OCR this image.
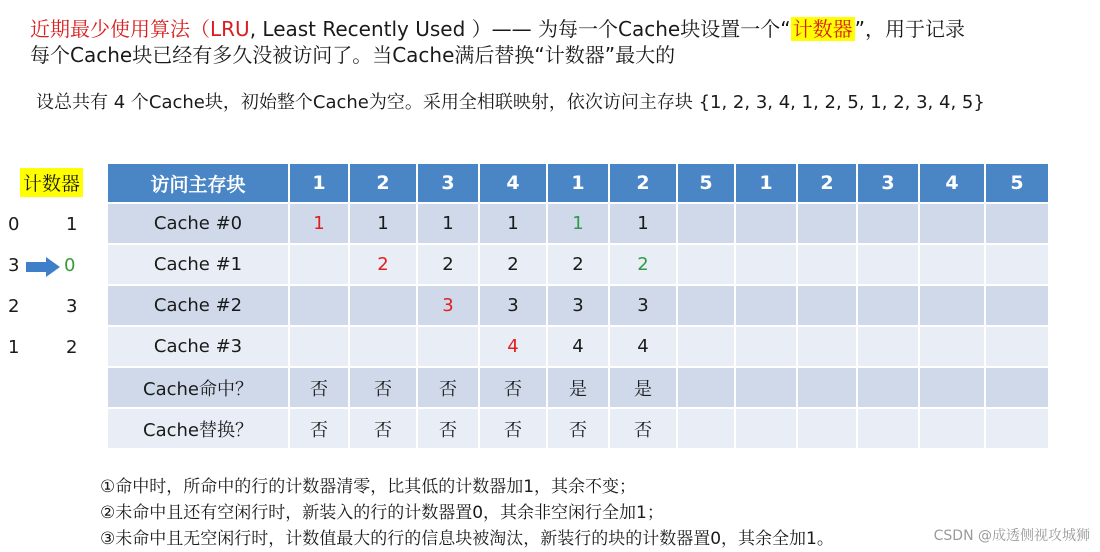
近期最少使用算法（LRU, Least Recently Used ）—— 为每一个Cache块设置一个“ 计数器 ”，用于记录
每个Cache块已经有多久没被访问了。当Cache满后替换“计数器”最大的
设总共有 4 个Cache块，初始整个Cache为空。采用全相联映射，依次访问主存块 {1, 2, 3, 4, 1, 2, 5, 1, 2, 3, 4, 5}
计数器
0	1
3 0
2	3
1	2
访问主存块	1	2	3	4	1	2	5	1	2	3	4	5
Cache #0	1	1	1	1	1	1						
Cache #1		2	2	2	2	2						
Cache #2			3	3	3	3						
Cache #3				4	4	4						
Cache命中？	否	否	否	否	是	是						
Cache替换？	否	否	否	否	否	否						
①命中时，所命中的行的计数器清零，比其低的计数器加1，其余不变；
②未命中且还有空闲行时，新装入的行的计数器置0，其余非空闲行全加1；
③未命中且无空闲行时，计数值最大的行的信息块被淘汰，新装行的块的计数器置0，其余全加1。	CSDN @成透侧视攻城狮
